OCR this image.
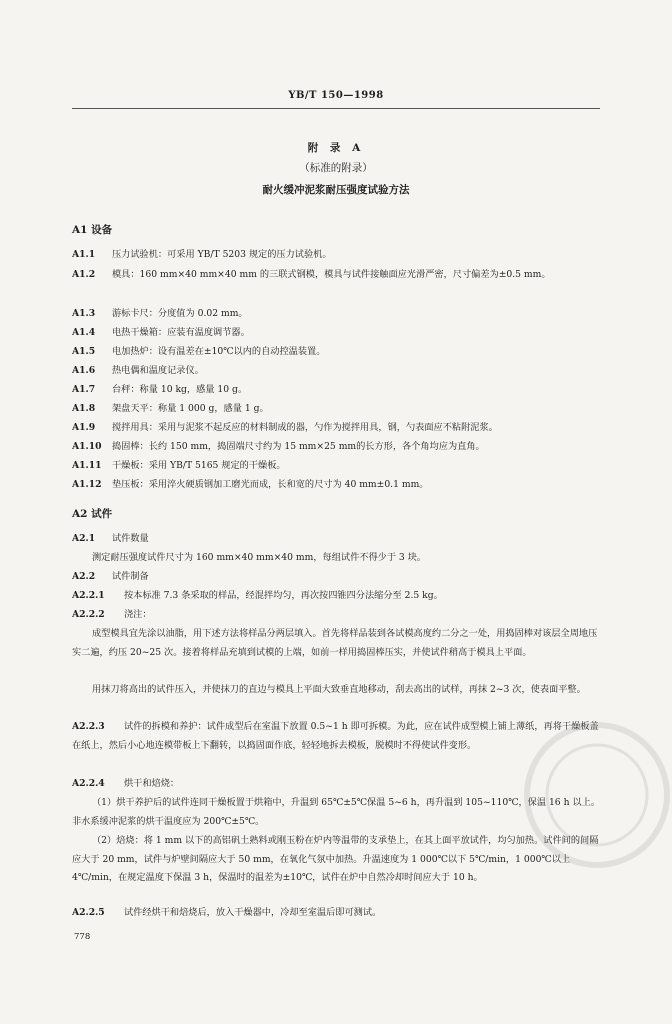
YB/T 150—1998
附 录 A
（标准的附录）
耐火缓冲泥浆耐压强度试验方法
A1 设备
A1.1 压力试验机：可采用 YB/T 5203 规定的压力试验机。
A1.2 模具：160 mm×40 mm×40 mm 的三联式钢模，模具与试件接触面应光滑严密，尺寸偏差为±0.5 mm。
A1.3 游标卡尺：分度值为 0.02 mm。
A1.4 电热干燥箱：应装有温度调节器。
A1.5 电加热炉：设有温差在±10℃以内的自动控温装置。
A1.6 热电偶和温度记录仪。
A1.7 台秤：称量 10 kg，感量 10 g。
A1.8 架盘天平：称量 1 000 g，感量 1 g。
A1.9 搅拌用具：采用与泥浆不起反应的材料制成的器，勺作为搅拌用具，钢，勺表面应不粘附泥浆。
A1.10 捣固棒：长约 150 mm，捣固端尺寸约为 15 mm×25 mm的长方形，各个角均应为直角。
A1.11 干燥板：采用 YB/T 5165 规定的干燥板。
A1.12 垫压板：采用淬火硬质钢加工磨光而成，长和宽的尺寸为 40 mm±0.1 mm。
A2 试件
A2.1 试件数量
测定耐压强度试件尺寸为 160 mm×40 mm×40 mm，每组试件不得少于 3 块。
A2.2 试件制备
A2.2.1 按本标准 7.3 条采取的样品，经混拌均匀，再次按四锥四分法缩分至 2.5 kg。
A2.2.2 浇注：
成型模具宜先涂以油脂，用下述方法将样品分两层填入。首先将样品装到各试模高度约二分之一处，用捣固棒对该层全周地压实二遍，约压 20~25 次。接着将样品充填到试模的上端，如前一样用捣固棒压实，并使试件稍高于模具上平面。
用抹刀将高出的试件压入，并使抹刀的直边与模具上平面大致垂直地移动，刮去高出的试样，再抹 2~3 次，使表面平整。
A2.2.3 试件的拆模和养护：试件成型后在室温下放置 0.5~1 h 即可拆模。为此，应在试件成型模上铺上薄纸，再将干燥板盖在纸上，然后小心地连模带板上下翻转，以捣固面作底，轻轻地拆去模板，脱模时不得使试件变形。
A2.2.4 烘干和焙烧：
（1）烘干养护后的试件连同干燥板置于烘箱中，升温到 65℃±5℃保温 5~6 h，再升温到 105~110℃，保温 16 h 以上。非水系缓冲泥浆的烘干温度应为 200℃±5℃。
（2）焙烧：将 1 mm 以下的高铝矾土熟料或刚玉粉在炉内等温带的支承垫上，在其上面平放试件，均匀加热。试件间的间隔应大于 20 mm，试件与炉壁间隔应大于 50 mm，在氧化气氛中加热。升温速度为 1 000℃以下 5℃/min，1 000℃以上 4℃/min，在规定温度下保温 3 h，保温时的温差为±10℃，试件在炉中自然冷却时间应大于 10 h。
A2.2.5 试件经烘干和焙烧后，放入干燥器中，冷却至室温后即可测试。
778
